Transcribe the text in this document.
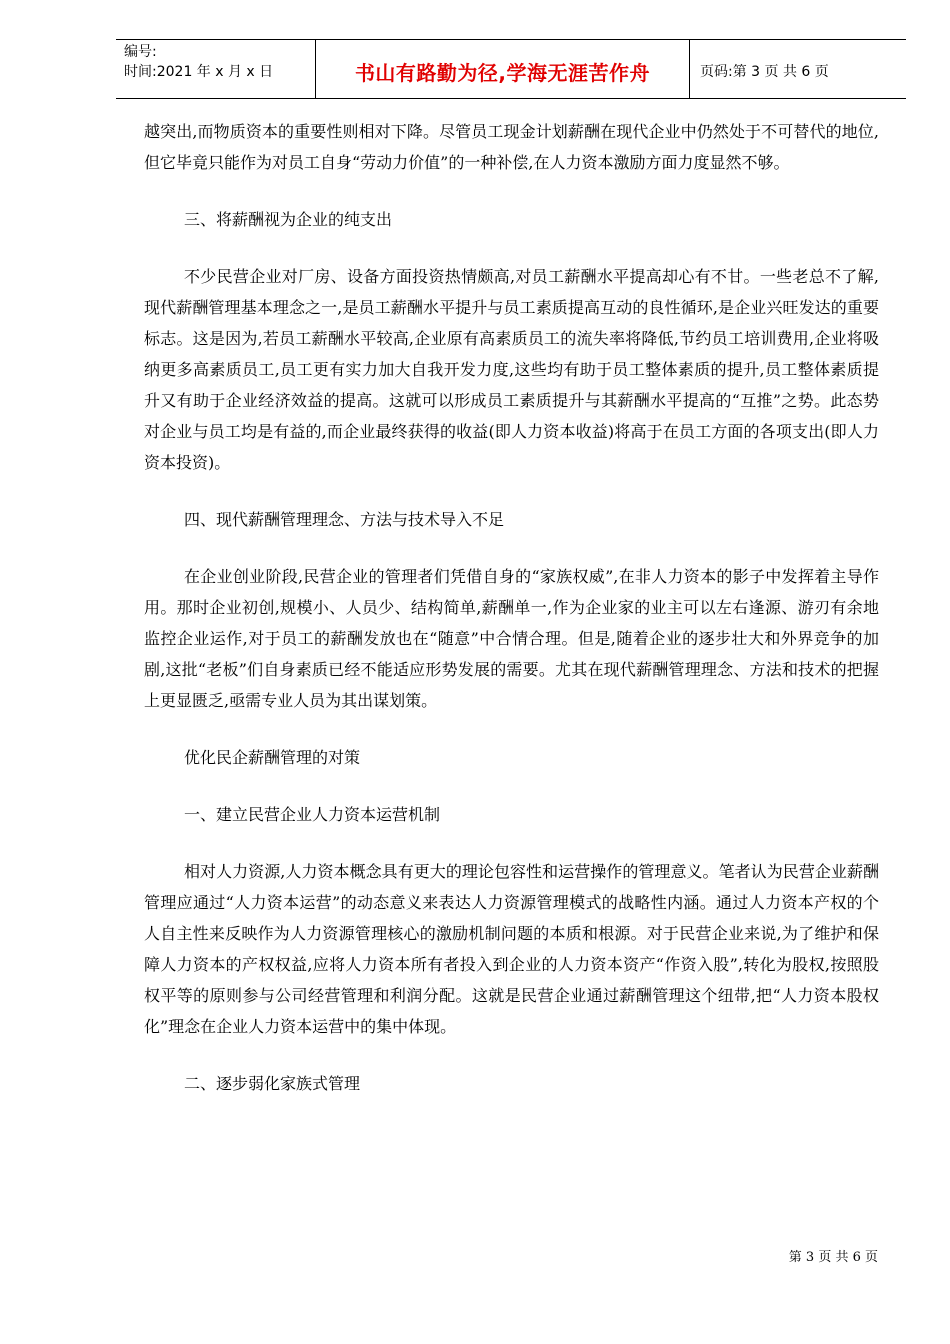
编号:
时间:2021 年 x 月 x 日	书山有路勤为径,学海无涯苦作舟	页码:第 3 页 共 6 页

越突出,而物质资本的重要性则相对下降。尽管员工现金计划薪酬在现代企业中仍然处于不可替代的地位,但它毕竟只能作为对员工自身“劳动力价值”的一种补偿,在人力资本激励方面力度显然不够。

三、将薪酬视为企业的纯支出

不少民营企业对厂房、设备方面投资热情颇高,对员工薪酬水平提高却心有不甘。一些老总不了解,现代薪酬管理基本理念之一,是员工薪酬水平提升与员工素质提高互动的良性循环,是企业兴旺发达的重要标志。这是因为,若员工薪酬水平较高,企业原有高素质员工的流失率将降低,节约员工培训费用,企业将吸纳更多高素质员工,员工更有实力加大自我开发力度,这些均有助于员工整体素质的提升,员工整体素质提升又有助于企业经济效益的提高。这就可以形成员工素质提升与其薪酬水平提高的“互推”之势。此态势对企业与员工均是有益的,而企业最终获得的收益(即人力资本收益)将高于在员工方面的各项支出(即人力资本投资)。

四、现代薪酬管理理念、方法与技术导入不足

在企业创业阶段,民营企业的管理者们凭借自身的“家族权威”,在非人力资本的影子中发挥着主导作用。那时企业初创,规模小、人员少、结构简单,薪酬单一,作为企业家的业主可以左右逢源、游刃有余地监控企业运作,对于员工的薪酬发放也在“随意”中合情合理。但是,随着企业的逐步壮大和外界竞争的加剧,这批“老板”们自身素质已经不能适应形势发展的需要。尤其在现代薪酬管理理念、方法和技术的把握上更显匮乏,亟需专业人员为其出谋划策。

优化民企薪酬管理的对策

一、建立民营企业人力资本运营机制

相对人力资源,人力资本概念具有更大的理论包容性和运营操作的管理意义。笔者认为民营企业薪酬管理应通过“人力资本运营”的动态意义来表达人力资源管理模式的战略性内涵。通过人力资本产权的个人自主性来反映作为人力资源管理核心的激励机制问题的本质和根源。对于民营企业来说,为了维护和保障人力资本的产权权益,应将人力资本所有者投入到企业的人力资本资产“作资入股”,转化为股权,按照股权平等的原则参与公司经营管理和利润分配。这就是民营企业通过薪酬管理这个纽带,把“人力资本股权化”理念在企业人力资本运营中的集中体现。

二、逐步弱化家族式管理

第 3 页 共 6 页
